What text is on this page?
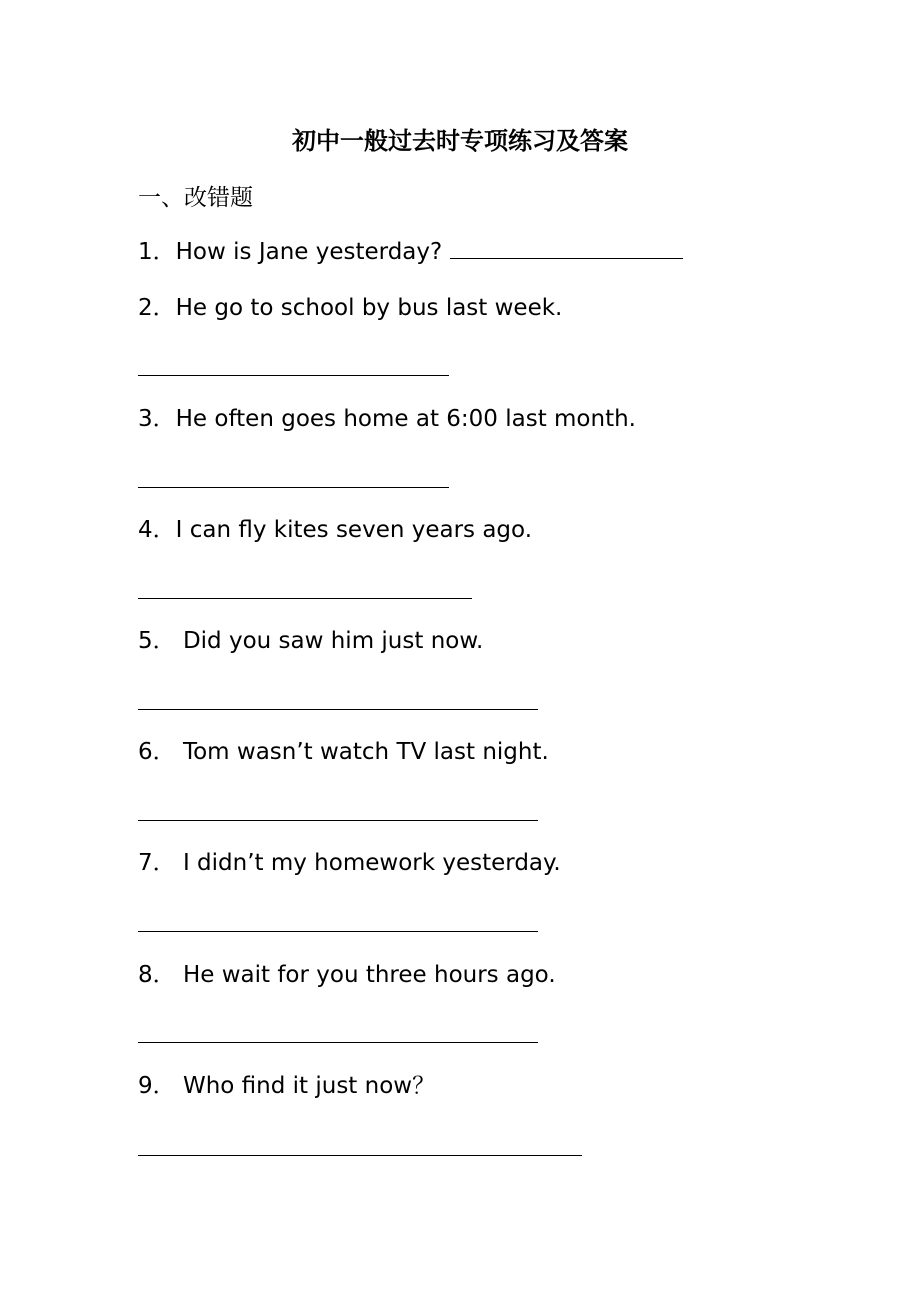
初中一般过去时专项练习及答案
一、改错题
1．How is Jane yesterday?
2．He go to school by bus last week.
3．He often goes home at 6:00 last month.
4．I can fly kites seven years ago.
5． Did you saw him just now.
6． Tom wasn’t watch TV last night.
7． I didn’t my homework yesterday.
8． He wait for you three hours ago.
9． Who find it just now？
